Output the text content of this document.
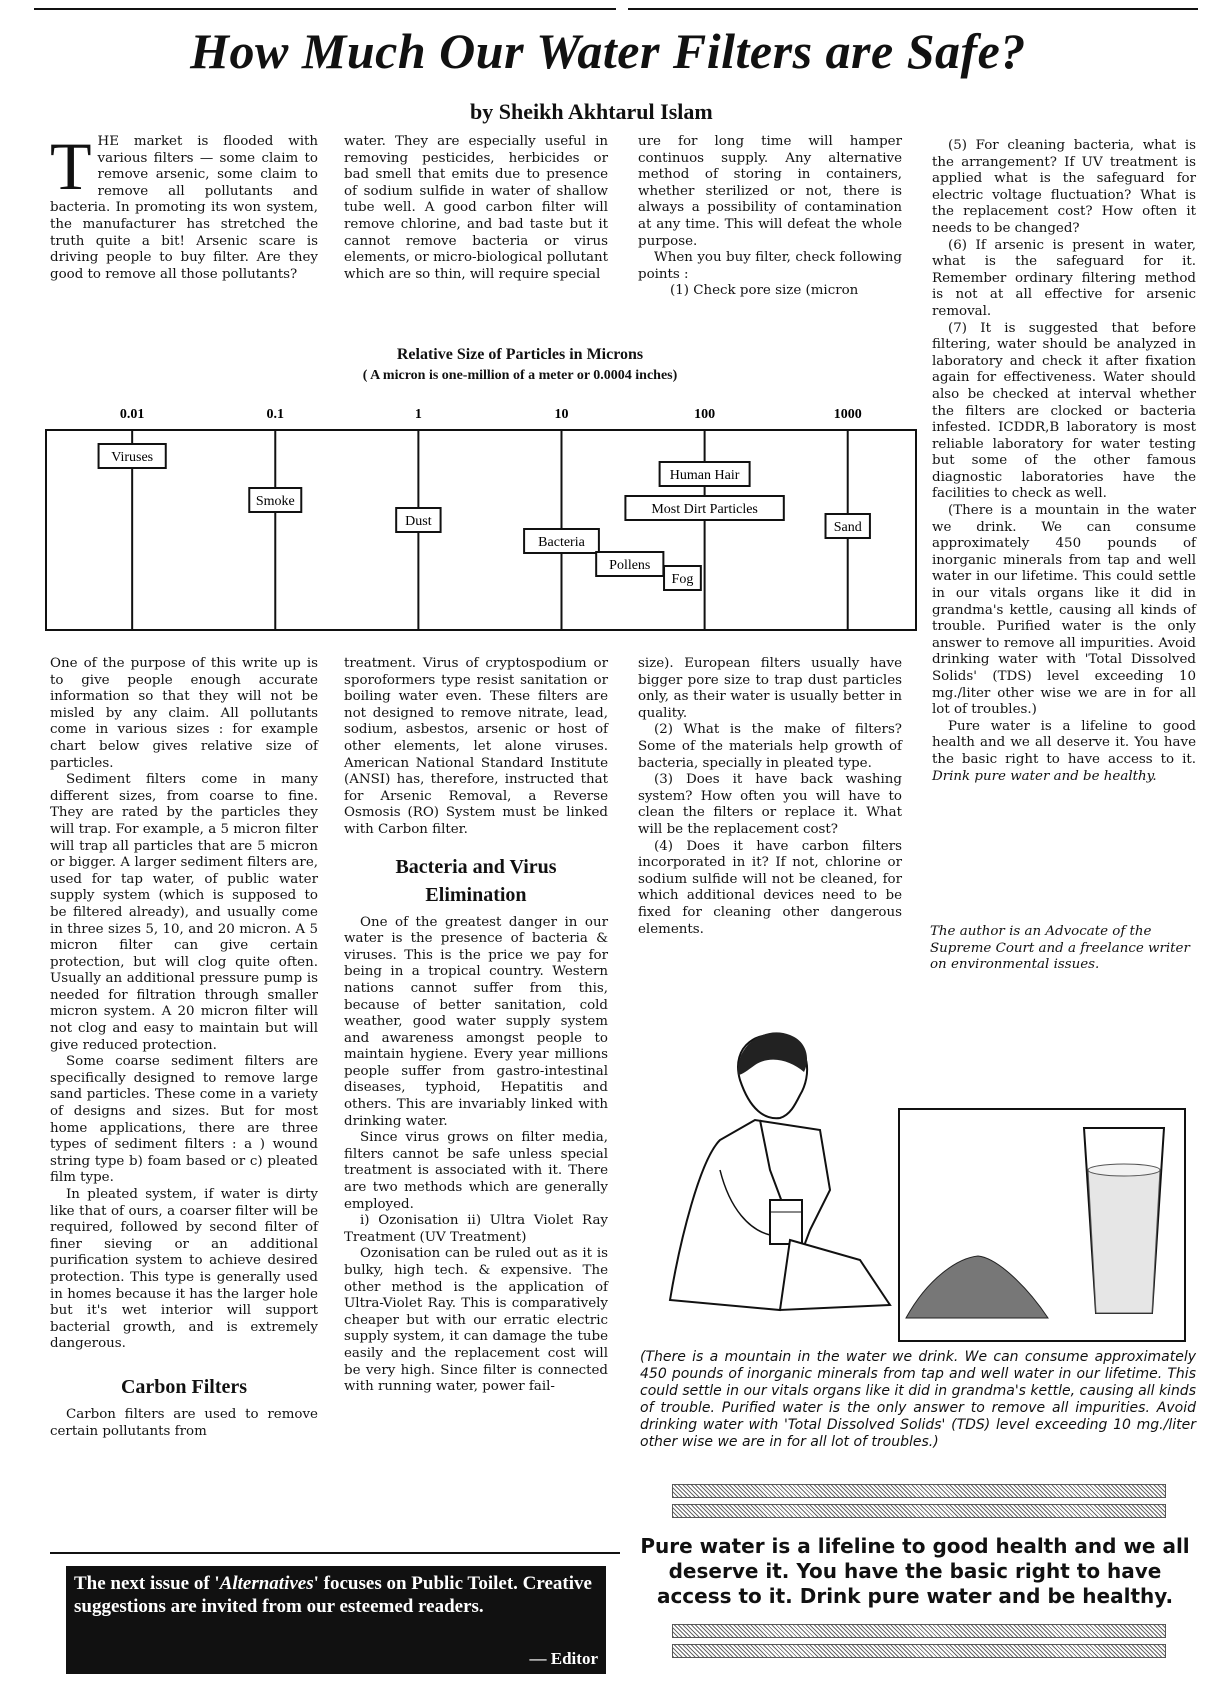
How Much Our Water Filters are Safe?
by Sheikh Akhtarul Islam
T HE market is flooded with various filters — some claim to remove arsenic, some claim to remove all pollutants and bacteria. In promoting its won system, the manufacturer has stretched the truth quite a bit! Arsenic scare is driving people to buy filter. Are they good to remove all those pollutants?

water. They are especially useful in removing pesticides, herbicides or bad smell that emits due to presence of sodium sulfide in water of shallow tube well. A good carbon filter will remove chlorine, and bad taste but it cannot remove bacteria or virus elements, or micro-biological pollutant which are so thin, will require special

ure for long time will hamper continuos supply. Any alternative method of storing in containers, whether sterilized or not, there is always a possibility of contamination at any time. This will defeat the whole purpose.

When you buy filter, check following points :

(1) Check pore size (micron

(5) For cleaning bacteria, what is the arrangement? If UV treatment is applied what is the safeguard for electric voltage fluctuation? What is the replacement cost? How often it needs to be changed?

(6) If arsenic is present in water, what is the safeguard for it. Remember ordinary filtering method is not at all effective for arsenic removal.

(7) It is suggested that before filtering, water should be analyzed in laboratory and check it after fixation again for effectiveness. Water should also be checked at interval whether the filters are clocked or bacteria infested. ICDDR,B laboratory is most reliable laboratory for water testing but some of the other famous diagnostic laboratories have the facilities to check as well.

(There is a mountain in the water we drink. We can consume approximately 450 pounds of inorganic minerals from tap and well water in our lifetime. This could settle in our vitals organs like it did in grandma's kettle, causing all kinds of trouble. Purified water is the only answer to remove all impurities. Avoid drinking water with 'Total Dissolved Solids' (TDS) level exceeding 10 mg./liter other wise we are in for all lot of troubles.)

Pure water is a lifeline to good health and we all deserve it. You have the basic right to have access to it. Drink pure water and be healthy.

The author is an Advocate of the Supreme Court and a freelance writer on environmental issues.
Relative Size of Particles in Microns
( A micron is one-million of a meter or 0.0004 inches)
0.01	0.1	1	10	100	1000
Viruses
Smoke
Dust
Bacteria
Pollens
Human Hair
Most Dirt Particles
Fog
Sand

One of the purpose of this write up is to give people enough accurate information so that they will not be misled by any claim. All pollutants come in various sizes : for example chart below gives relative size of particles.

Sediment filters come in many different sizes, from coarse to fine. They are rated by the particles they will trap. For example, a 5 micron filter will trap all particles that are 5 micron or bigger. A larger sediment filters are, used for tap water, of public water supply system (which is supposed to be filtered already), and usually come in three sizes 5, 10, and 20 micron. A 5 micron filter can give certain protection, but will clog quite often. Usually an additional pressure pump is needed for filtration through smaller micron system. A 20 micron filter will not clog and easy to maintain but will give reduced protection.

Some coarse sediment filters are specifically designed to remove large sand particles. These come in a variety of designs and sizes. But for most home applications, there are three types of sediment filters : a ) wound string type b) foam based or c) pleated film type.

In pleated system, if water is dirty like that of ours, a coarser filter will be required, followed by second filter of finer sieving or an additional purification system to achieve desired protection. This type is generally used in homes because it has the larger hole but it's wet interior will support bacterial growth, and is extremely dangerous.

Carbon Filters

Carbon filters are used to remove certain pollutants from

treatment. Virus of cryptospodium or sporoformers type resist sanitation or boiling water even. These filters are not designed to remove nitrate, lead, sodium, asbestos, arsenic or host of other elements, let alone viruses. American National Standard Institute (ANSI) has, therefore, instructed that for Arsenic Removal, a Reverse Osmosis (RO) System must be linked with Carbon filter.

Bacteria and Virus Elimination

One of the greatest danger in our water is the presence of bacteria & viruses. This is the price we pay for being in a tropical country. Western nations cannot suffer from this, because of better sanitation, cold weather, good water supply system and awareness amongst people to maintain hygiene. Every year millions people suffer from gastro-intestinal diseases, typhoid, Hepatitis and others. This are invariably linked with drinking water.

Since virus grows on filter media, filters cannot be safe unless special treatment is associated with it. There are two methods which are generally employed.

i) Ozonisation ii) Ultra Violet Ray Treatment (UV Treatment)

Ozonisation can be ruled out as it is bulky, high tech. & expensive. The other method is the application of Ultra-Violet Ray. This is comparatively cheaper but with our erratic electric supply system, it can damage the tube easily and the replacement cost will be very high. Since filter is connected with running water, power fail-

size). European filters usually have bigger pore size to trap dust particles only, as their water is usually better in quality.

(2) What is the make of filters? Some of the materials help growth of bacteria, specially in pleated type.

(3) Does it have back washing system? How often you will have to clean the filters or replace it. What will be the replacement cost?

(4) Does it have carbon filters incorporated in it? If not, chlorine or sodium sulfide will not be cleaned, for which additional devices need to be fixed for cleaning other dangerous elements.

(There is a mountain in the water we drink. We can consume approximately 450 pounds of inorganic minerals from tap and well water in our lifetime. This could settle in our vitals organs like it did in grandma's kettle, causing all kinds of trouble. Purified water is the only answer to remove all impurities. Avoid drinking water with 'Total Dissolved Solids' (TDS) level exceeding 10 mg./liter other wise we are in for all lot of troubles.)
Pure water is a lifeline to good health and we all deserve it. You have the basic right to have access to it. Drink pure water and be healthy.
The next issue of 'Alternatives' focuses on Public Toilet. Creative suggestions are invited from our esteemed readers.
— Editor
